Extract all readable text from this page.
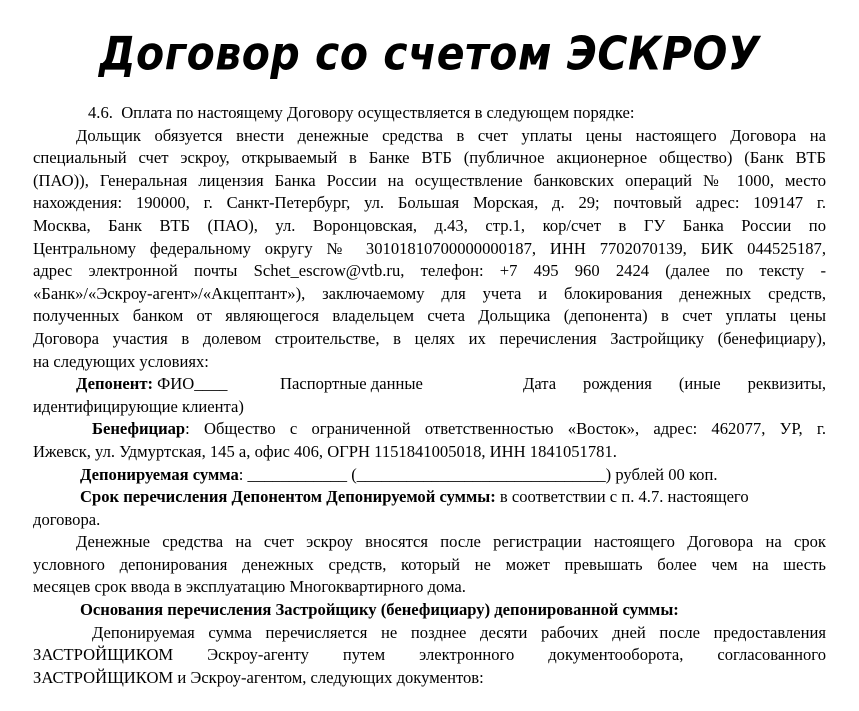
Договор со счетом ЭСКРОУ
4.6. Оплата по настоящему Договору осуществляется в следующем порядке:
Дольщик обязуется внести денежные средства в счет уплаты цены настоящего Договора на
специальный счет эскроу, открываемый в Банке ВТБ (публичное акционерное общество) (Банк ВТБ
(ПАО)), Генеральная лицензия Банка России на осуществление банковских операций № 1000, место
нахождения: 190000, г. Санкт-Петербург, ул. Большая Морская, д. 29; почтовый адрес: 109147 г.
Москва, Банк ВТБ (ПАО), ул. Воронцовская, д.43, стр.1, кор/счет в ГУ Банка России по
Центральному федеральному округу № 30101810700000000187, ИНН 7702070139, БИК 044525187,
адрес электронной почты Schet_escrow@vtb.ru, телефон: +7 495 960 2424 (далее по тексту -
«Банк»/«Эскроу-агент»/«Акцептант»), заключаемому для учета и блокирования денежных средств,
полученных банком от являющегося владельцем счета Дольщика (депонента) в счет уплаты цены
Договора участия в долевом строительстве, в целях их перечисления Застройщику (бенефициару),
на следующих условиях:
Депонент: ФИО____	Паспортные данные	Дата рождения (иные реквизиты,
идентифицирующие клиента)
Бенефициар: Общество с ограниченной ответственностью «Восток», адрес: 462077, УР, г.
Ижевск, ул. Удмуртская, 145 а, офис 406, ОГРН 1151841005018, ИНН 1841051781.
Депонируемая сумма: ____________ (______________________________) рублей 00 коп.
Срок перечисления Депонентом Депонируемой суммы: в соответствии с п. 4.7. настоящего
договора.
Денежные средства на счет эскроу вносятся после регистрации настоящего Договора на срок
условного депонирования денежных средств, который не может превышать более чем на шесть
месяцев срок ввода в эксплуатацию Многоквартирного дома.
Основания перечисления Застройщику (бенефициару) депонированной суммы:
Депонируемая сумма перечисляется не позднее десяти рабочих дней после предоставления
ЗАСТРОЙЩИКОМ Эскроу-агенту путем электронного документооборота, согласованного
ЗАСТРОЙЩИКОМ и Эскроу-агентом, следующих документов:
